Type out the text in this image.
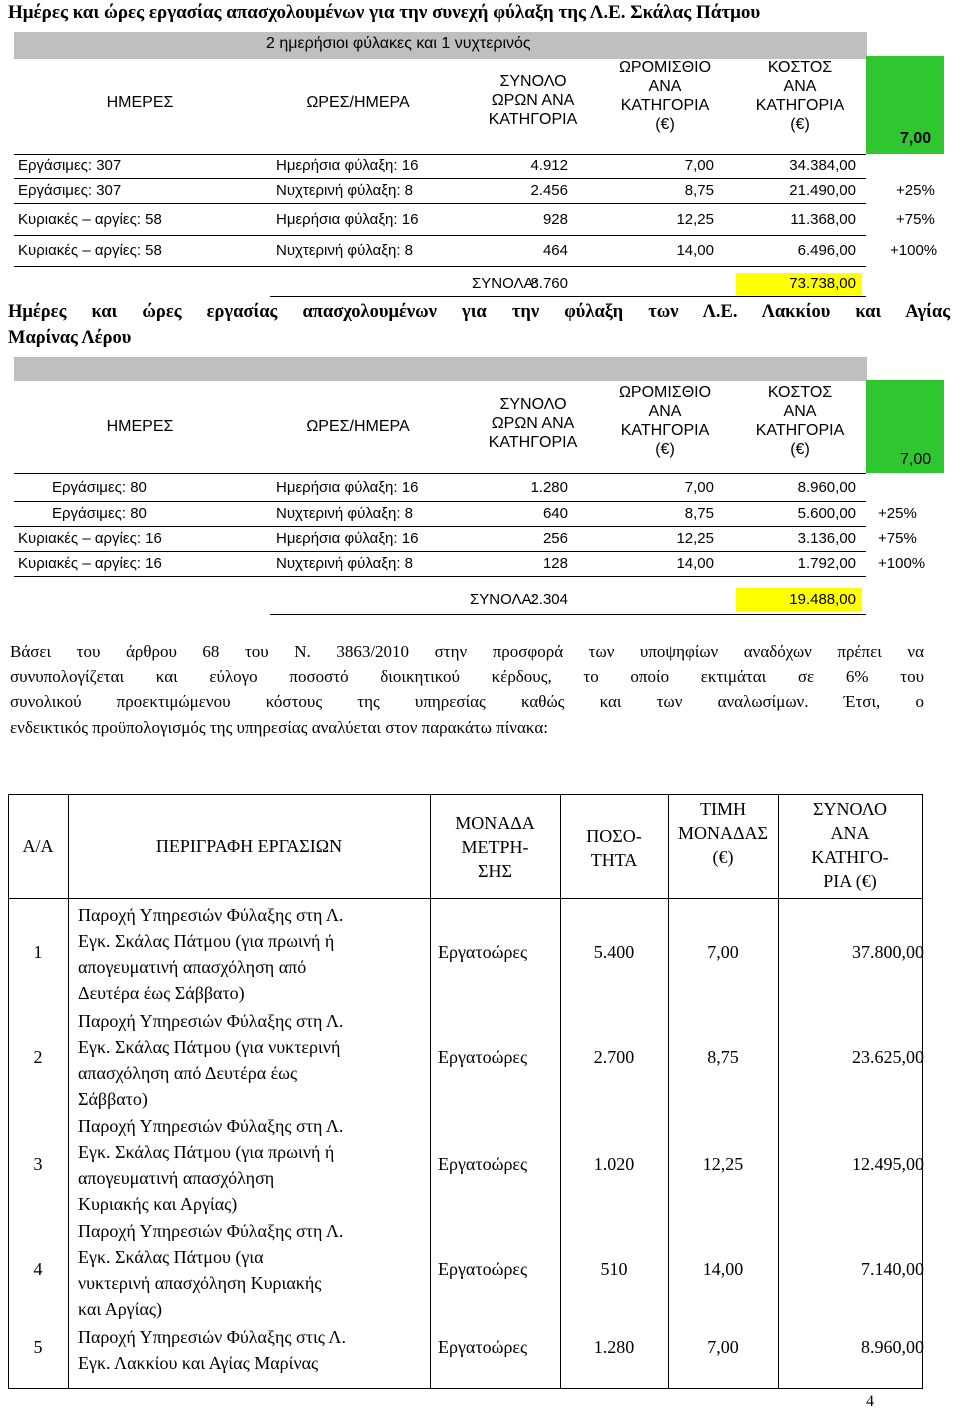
Ημέρες και ώρες εργασίας απασχολουμένων για την συνεχή φύλαξη της Λ.Ε. Σκάλας Πάτμου
2 ημερήσιοι φύλακες και 1 νυχτερινός
ΗΜΕΡΕΣ	ΩΡΕΣ/ΗΜΕΡΑ
ΣΥΝΟΛΟ
ΩΡΩΝ ΑΝΑ
ΚΑΤΗΓΟΡΙΑ
ΩΡΟΜΙΣΘΙΟ
ΑΝΑ
ΚΑΤΗΓΟΡΙΑ
(€)
ΚΟΣΤΟΣ
ΑΝΑ
ΚΑΤΗΓΟΡΙΑ
(€)
7,00
Εργάσιμες: 307	Ημερήσια φύλαξη: 16	4.912	7,00	34.384,00
Εργάσιμες: 307	Νυχτερινή φύλαξη: 8	2.456	8,75	21.490,00	+25%
Κυριακές – αργίες: 58	Ημερήσια φύλαξη: 16	928	12,25	11.368,00	+75%
Κυριακές – αργίες: 58	Νυχτερινή φύλαξη: 8	464	14,00	6.496,00 +100%
ΣΥΝΟΛΑ:
8.760	73.738,00
Ημέρες και ώρες εργασίας απασχολουμένων για την φύλαξη των Λ.Ε. Λακκίου και Αγίας
Μαρίνας Λέρου
ΗΜΕΡΕΣ	ΩΡΕΣ/ΗΜΕΡΑ
ΣΥΝΟΛΟ
ΩΡΩΝ ΑΝΑ
ΚΑΤΗΓΟΡΙΑ
ΩΡΟΜΙΣΘΙΟ
ΑΝΑ
ΚΑΤΗΓΟΡΙΑ
(€)
ΚΟΣΤΟΣ
ΑΝΑ
ΚΑΤΗΓΟΡΙΑ
(€)
7,00
Εργάσιμες: 80	Ημερήσια φύλαξη: 16	1.280	7,00	8.960,00
Εργάσιμες: 80	Νυχτερινή φύλαξη: 8	640	8,75	5.600,00 +25%
Κυριακές – αργίες: 16	Ημερήσια φύλαξη: 16	256	12,25	3.136,00 +75%
Κυριακές – αργίες: 16	Νυχτερινή φύλαξη: 8	128	14,00	1.792,00 +100%
ΣΥΝΟΛΑ:
2.304	19.488,00
Βάσει του άρθρου 68 του Ν. 3863/2010 στην προσφορά των υποψηφίων αναδόχων πρέπει να
συνυπολογίζεται και εύλογο ποσοστό διοικητικού κέρδους, το οποίο εκτιμάται σε 6% του
συνολικού προεκτιμώμενου κόστους της υπηρεσίας καθώς και των αναλωσίμων. Έτσι, ο
ενδεικτικός προϋπολογισμός της υπηρεσίας αναλύεται στον παρακάτω πίνακα:
Α/Α	ΠΕΡΙΓΡΑΦΗ ΕΡΓΑΣΙΩΝ
ΜΟΝΑΔΑ
ΜΕΤΡΗ-
ΣΗΣ
ΠΟΣΟ-
ΤΗΤΑ
ΤΙΜΗ
ΜΟΝΑΔΑΣ
(€)
ΣΥΝΟΛΟ
ΑΝΑ
ΚΑΤΗΓΟ-
ΡΙΑ (€)
1
Παροχή Υπηρεσιών Φύλαξης στη Λ.
Εγκ. Σκάλας Πάτμου (για πρωινή ή
απογευματινή απασχόληση από
Δευτέρα έως Σάββατο)
Εργατοώρες	5.400	7,00	37.800,00
2
Παροχή Υπηρεσιών Φύλαξης στη Λ.
Εγκ. Σκάλας Πάτμου (για νυκτερινή
απασχόληση από Δευτέρα έως
Σάββατο)
Εργατοώρες	2.700	8,75	23.625,00
3
Παροχή Υπηρεσιών Φύλαξης στη Λ.
Εγκ. Σκάλας Πάτμου (για πρωινή ή
απογευματινή απασχόληση
Κυριακής και Αργίας)
Εργατοώρες	1.020	12,25	12.495,00
4
Παροχή Υπηρεσιών Φύλαξης στη Λ.
Εγκ. Σκάλας Πάτμου (για
νυκτερινή απασχόληση Κυριακής
και Αργίας)
Εργατοώρες	510	14,00	7.140,00
5	Παροχή Υπηρεσιών Φύλαξης στις Λ.
Εγκ. Λακκίου και Αγίας Μαρίνας
Εργατοώρες	1.280	7,00	8.960,00
4
